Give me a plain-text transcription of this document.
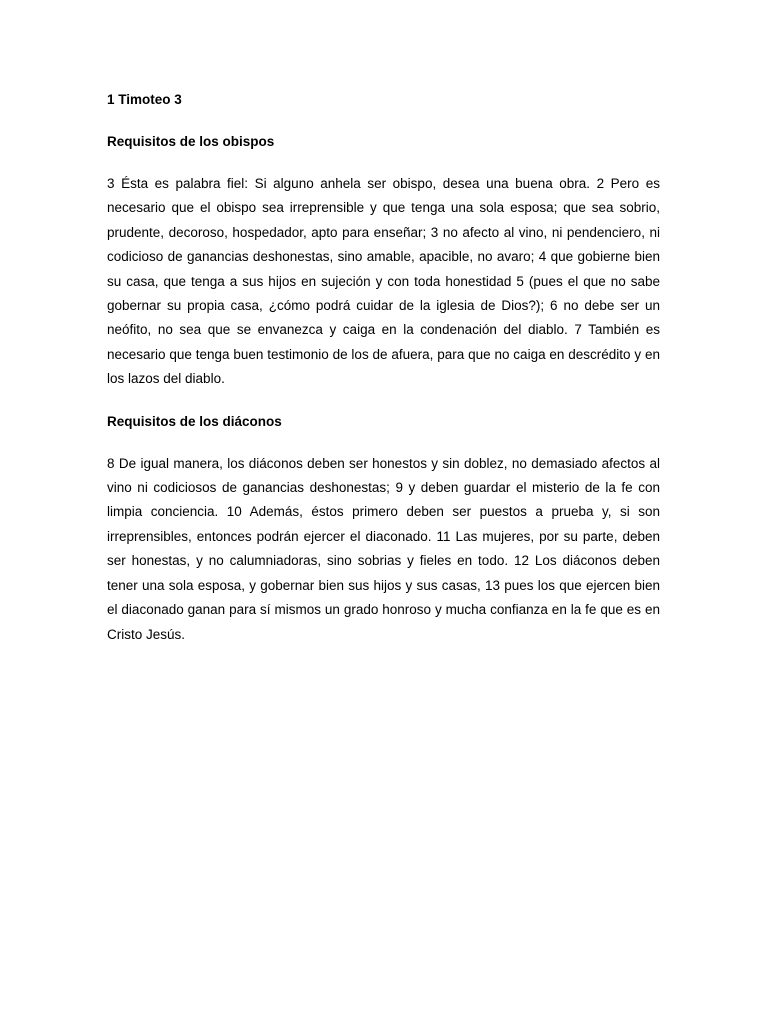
1 Timoteo 3
Requisitos de los obispos

3 Ésta es palabra fiel: Si alguno anhela ser obispo, desea una buena obra. 2 Pero es necesario que el obispo sea irreprensible y que tenga una sola esposa; que sea sobrio, prudente, decoroso, hospedador, apto para enseñar; 3 no afecto al vino, ni pendenciero, ni codicioso de ganancias deshonestas, sino amable, apacible, no avaro; 4 que gobierne bien su casa, que tenga a sus hijos en sujeción y con toda honestidad 5 (pues el que no sabe gobernar su propia casa, ¿cómo podrá cuidar de la iglesia de Dios?); 6 no debe ser un neófito, no sea que se envanezca y caiga en la condenación del diablo. 7 También es necesario que tenga buen testimonio de los de afuera, para que no caiga en descrédito y en los lazos del diablo.

Requisitos de los diáconos

8 De igual manera, los diáconos deben ser honestos y sin doblez, no demasiado afectos al vino ni codiciosos de ganancias deshonestas; 9 y deben guardar el misterio de la fe con limpia conciencia. 10 Además, éstos primero deben ser puestos a prueba y, si son irreprensibles, entonces podrán ejercer el diaconado. 11 Las mujeres, por su parte, deben ser honestas, y no calumniadoras, sino sobrias y fieles en todo. 12 Los diáconos deben tener una sola esposa, y gobernar bien sus hijos y sus casas, 13 pues los que ejercen bien el diaconado ganan para sí mismos un grado honroso y mucha confianza en la fe que es en Cristo Jesús.
